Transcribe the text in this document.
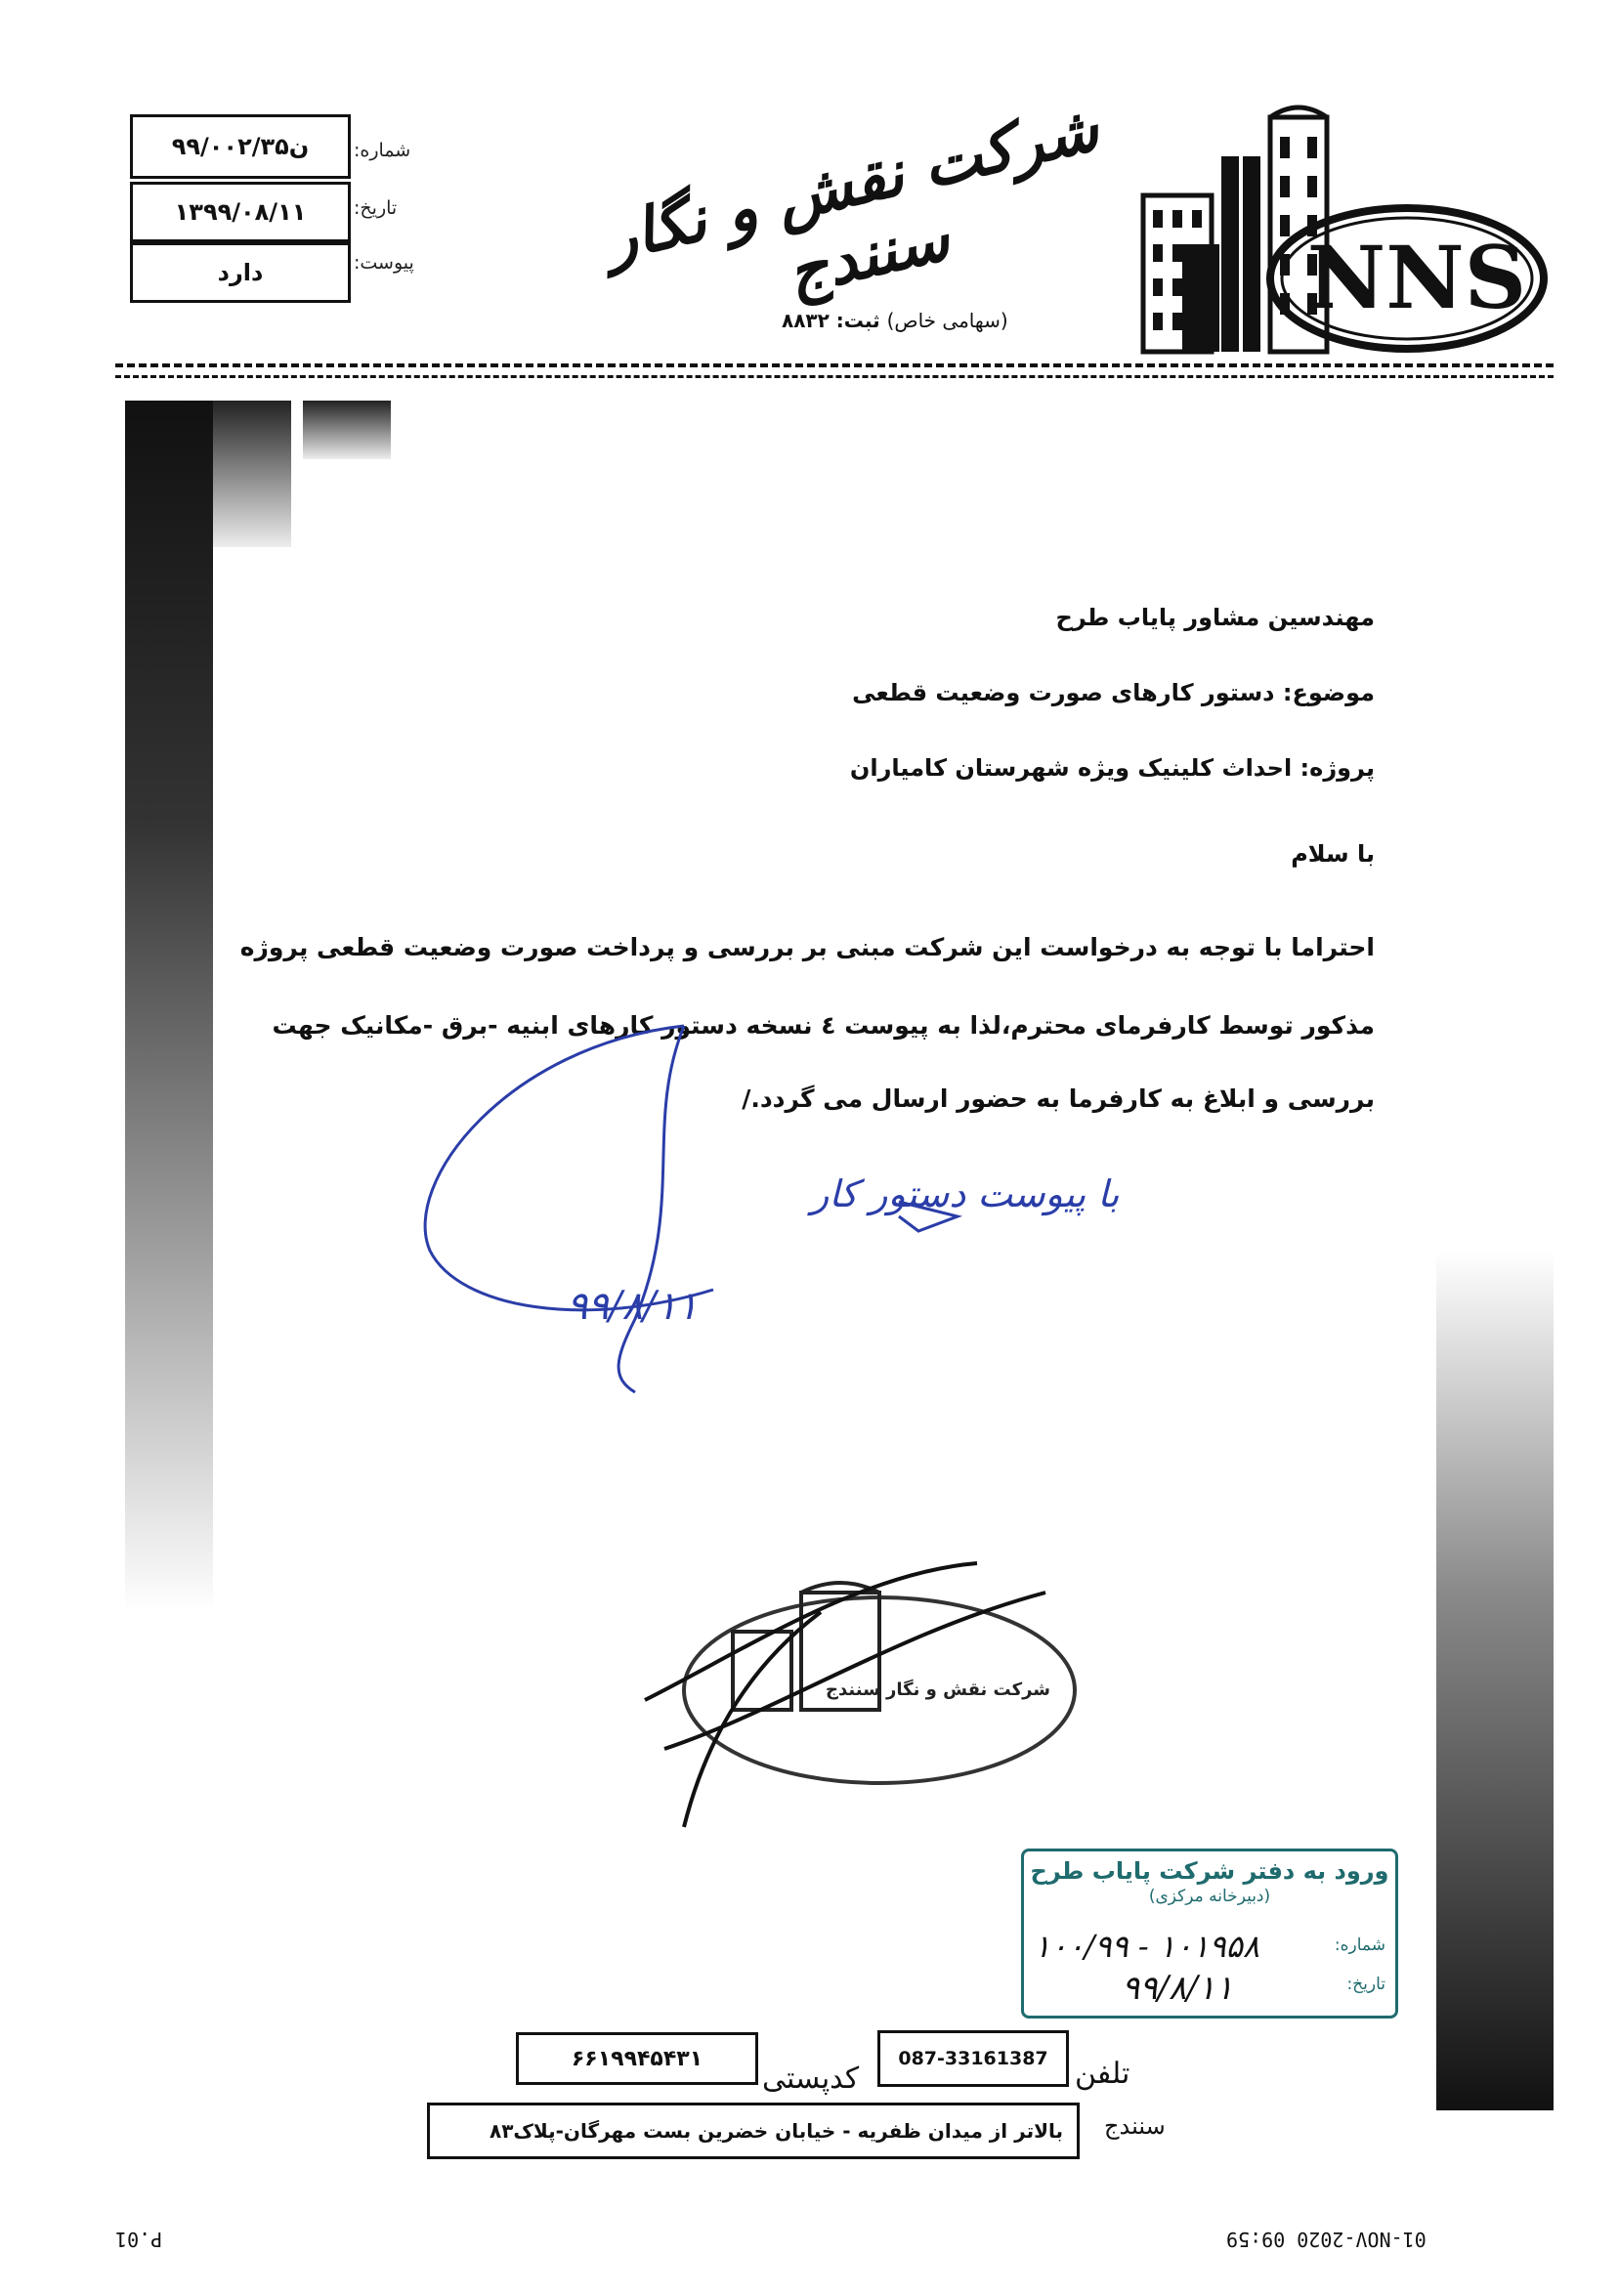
۹۹/ن۰۰۲/۳۵ شماره:
۱۳۹۹/۰۸/۱۱	تاریخ:
دارد	پیوست:	شرکت نقش و نگار سنندج
(سهامی خاص) ثبت: ۸۸۳۲	NNS
مهندسین مشاور پایاب طرح
موضوع: دستور کارهای صورت وضعیت قطعی
پروژه: احداث کلینیک ویژه شهرستان کامیاران
با سلام
احتراما با توجه به درخواست این شرکت مبنی بر بررسی و پرداخت صورت وضعیت قطعی پروژه
مذکور توسط کارفرمای محترم،لذا به پیوست ٤ نسخه دستور کارهای ابنیه -برق -مکانیک جهت
بررسی و ابلاغ به کارفرما به حضور ارسال می گردد./
با پیوست دستور کار
۹۹/۸/۱۱
شرکت نقش و نگار سنندج
ورود به دفتر شرکت پایاب طرح
(دبیرخانه مرکزی)
شماره:
۱۰۰/۹۹ - ۱۰۱۹۵۸
تاریخ:
۹۹/۸/۱۱
۶۶۱۹۹۴۵۴۳۱
کدپستی
087-33161387 تلفن
بالاتر از میدان ظفریه - خیابان خضرین بست مهرگان-پلاک۸۳ سنندج
01-NOV-2020 09:59
P.01
